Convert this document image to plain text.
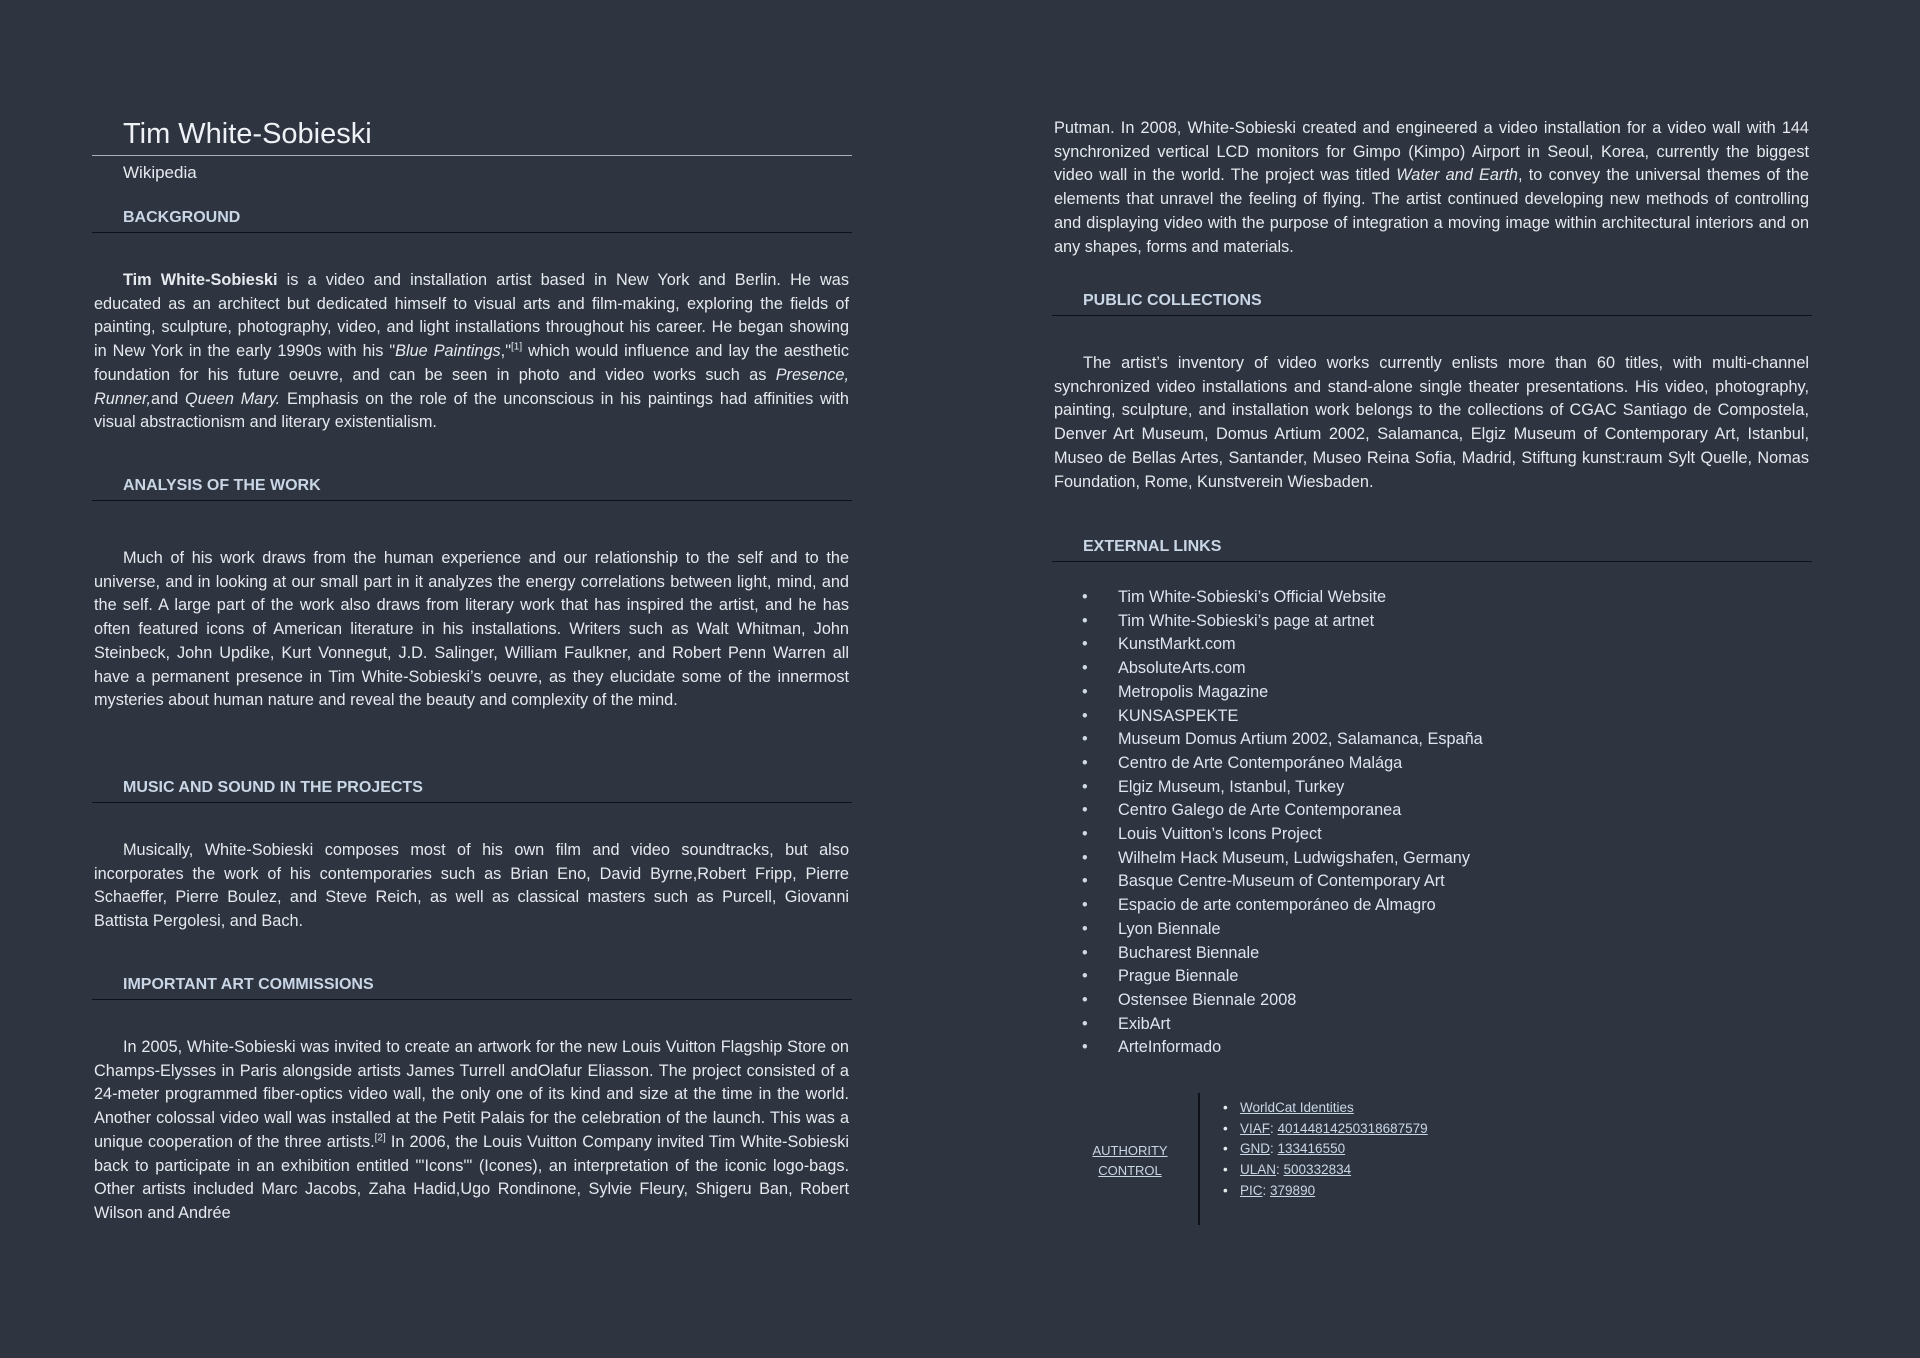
Tim White-Sobieski
Wikipedia
BACKGROUND

Tim White-Sobieski is a video and installation artist based in New York and Berlin. He was educated as an architect but dedicated himself to visual arts and film-making, exploring the fields of painting, sculpture, photography, video, and light installations throughout his career. He began showing in New York in the early 1990s with his "Blue Paintings,"[1] which would influence and lay the aesthetic foundation for his future oeuvre, and can be seen in photo and video works such as Presence, Runner,and Queen Mary. Emphasis on the role of the unconscious in his paintings had affinities with visual abstractionism and literary existentialism.

ANALYSIS OF THE WORK

Much of his work draws from the human experience and our relationship to the self and to the universe, and in looking at our small part in it analyzes the energy correlations between light, mind, and the self. A large part of the work also draws from literary work that has inspired the artist, and he has often featured icons of American literature in his installations. Writers such as Walt Whitman, John Steinbeck, John Updike, Kurt Vonnegut, J.D. Salinger, William Faulkner, and Robert Penn Warren all have a permanent presence in Tim White-Sobieski’s oeuvre, as they elucidate some of the innermost mysteries about human nature and reveal the beauty and complexity of the mind.

MUSIC AND SOUND IN THE PROJECTS

Musically, White-Sobieski composes most of his own film and video soundtracks, but also incorporates the work of his contemporaries such as Brian Eno, David Byrne,Robert Fripp, Pierre Schaeffer, Pierre Boulez, and Steve Reich, as well as classical masters such as Purcell, Giovanni Battista Pergolesi, and Bach.

IMPORTANT ART COMMISSIONS

In 2005, White-Sobieski was invited to create an artwork for the new Louis Vuitton Flagship Store on Champs-Elysses in Paris alongside artists James Turrell andOlafur Eliasson. The project consisted of a 24-meter programmed fiber-optics video wall, the only one of its kind and size at the time in the world. Another colossal video wall was installed at the Petit Palais for the celebration of the launch. This was a unique cooperation of the three artists.[2] In 2006, the Louis Vuitton Company invited Tim White-Sobieski back to participate in an exhibition entitled "'Icons'" (Icones), an interpretation of the iconic logo-bags. Other artists included Marc Jacobs, Zaha Hadid,Ugo Rondinone, Sylvie Fleury, Shigeru Ban, Robert Wilson and Andrée

Putman. In 2008, White-Sobieski created and engineered a video installation for a video wall with 144 synchronized vertical LCD monitors for Gimpo (Kimpo) Airport in Seoul, Korea, currently the biggest video wall in the world. The project was titled Water and Earth, to convey the universal themes of the elements that unravel the feeling of flying. The artist continued developing new methods of controlling and displaying video with the purpose of integration a moving image within architectural interiors and on any shapes, forms and materials.

PUBLIC COLLECTIONS

The artist’s inventory of video works currently enlists more than 60 titles, with multi-channel synchronized video installations and stand-alone single theater presentations. His video, photography, painting, sculpture, and installation work belongs to the collections of CGAC Santiago de Compostela, Denver Art Museum, Domus Artium 2002, Salamanca, Elgiz Museum of Contemporary Art, Istanbul, Museo de Bellas Artes, Santander, Museo Reina Sofia, Madrid, Stiftung kunst:raum Sylt Quelle, Nomas Foundation, Rome, Kunstverein Wiesbaden.

EXTERNAL LINKS
• Tim White-Sobieski’s Official Website
• Tim White-Sobieski’s page at artnet
• KunstMarkt.com
• AbsoluteArts.com
• Metropolis Magazine
• KUNSASPEKTE
• Museum Domus Artium 2002, Salamanca, España
• Centro de Arte Contemporáneo Malága
• Elgiz Museum, Istanbul, Turkey
• Centro Galego de Arte Contemporanea
• Louis Vuitton’s Icons Project
• Wilhelm Hack Museum, Ludwigshafen, Germany
• Basque Centre-Museum of Contemporary Art
• Espacio de arte contemporáneo de Almagro
• Lyon Biennale
• Bucharest Biennale
• Prague Biennale
• Ostensee Biennale 2008
• ExibArt
• ArteInformado
AUTHORITY
CONTROL
• WorldCat Identities
• VIAF: 40144814250318687579
• GND: 133416550
• ULAN: 500332834
• PIC: 379890
